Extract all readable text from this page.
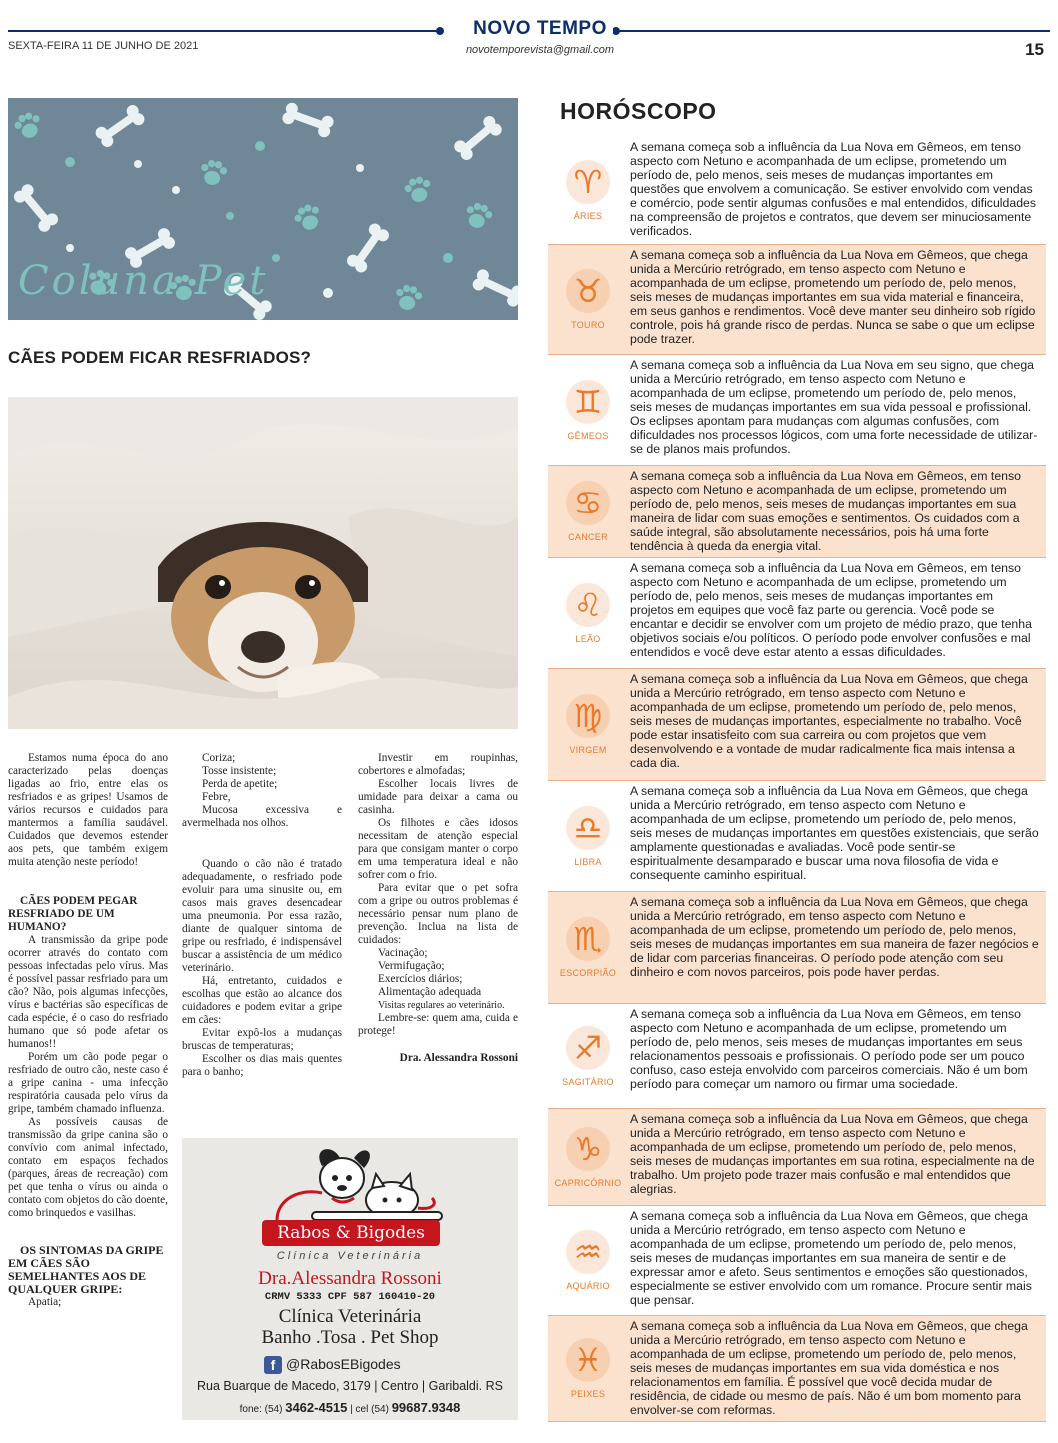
SEXTA-FEIRA 11 DE JUNHO DE 2021
NOVO TEMPO
novotemporevista@gmail.com	15
Coluna Pet
CÃES PODEM FICAR RESFRIADOS?

Estamos numa época do ano caracterizado pelas doenças ligadas ao frio, entre elas os resfriados e as gripes! Usamos de vários recursos e cuidados para mantermos a família saudável. Cuidados que devemos estender aos pets, que também exigem muita atenção neste período!

CÃES PODEM PEGAR RESFRIADO DE UM HUMANO?

A transmissão da gripe pode ocorrer através do contato com pessoas infectadas pelo vírus. Mas é possível passar resfriado para um cão? Não, pois algumas infecções, vírus e bactérias são específicas de cada espécie, é o caso do resfriado humano que só pode afetar os humanos!!

Porém um cão pode pegar o resfriado de outro cão, neste caso é a gripe canina - uma infecção respiratória causada pelo vírus da gripe, também chamado influenza.

As possíveis causas de transmissão da gripe canina são o convívio com animal infectado, contato em espaços fechados (parques, áreas de recreação) com pet que tenha o vírus ou ainda o contato com objetos do cão doente, como brinquedos e vasilhas.

OS SINTOMAS DA GRIPE EM CÃES SÃO SEMELHANTES AOS DE QUALQUER GRIPE:

Apatia;

Coriza;
Tosse insistente;
Perda de apetite;
Febre,
Mucosa excessiva e avermelhada nos olhos.

Quando o cão não é tratado adequadamente, o resfriado pode evoluir para uma sinusite ou, em casos mais graves desencadear uma pneumonia. Por essa razão, diante de qualquer sintoma de gripe ou resfriado, é indispensável buscar a assistência de um médico veterinário.

Há, entretanto, cuidados e escolhas que estão ao alcance dos cuidadores e podem evitar a gripe em cães:

Evitar expô-los a mudanças bruscas de temperaturas;

Escolher os dias mais quentes para o banho;

Investir em roupinhas, cobertores e almofadas;

Escolher locais livres de umidade para deixar a cama ou casinha.

Os filhotes e cães idosos necessitam de atenção especial para que consigam manter o corpo em uma temperatura ideal e não sofrer com o frio.

Para evitar que o pet sofra com a gripe ou outros problemas é necessário pensar num plano de prevenção. Inclua na lista de cuidados:

Vacinação;
Vermifugação;
Exercícios diários;
Alimentação adequada
Visitas regulares ao veterinário.

Lembre-se: quem ama, cuida e protege!

Dra. Alessandra Rossoni
Rabos & Bigodes
Clínica Veterinária
Dra.Alessandra Rossoni
CRMV 5333 CPF 587 160410-20
Clínica Veterinária
Banho .Tosa . Pet Shop
f @RabosEBigodes
Rua Buarque de Macedo, 3179 | Centro | Garibaldi. RS
fone: (54) 3462-4515 | cel (54) 99687.9348
HORÓSCOPO
♈
ÁRIES
A semana começa sob a influência da Lua Nova em Gêmeos, em tenso aspecto com Netuno e acompanhada de um eclipse, prometendo um período de, pelo menos, seis meses de mudanças importantes em questões que envolvem a comunicação. Se estiver envolvido com vendas e comércio, pode sentir algumas confusões e mal entendidos, dificuldades na compreensão de projetos e contratos, que devem ser minuciosamente verificados.
♉
TOURO
A semana começa sob a influência da Lua Nova em Gêmeos, que chega unida a Mercúrio retrógrado, em tenso aspecto com Netuno e acompanhada de um eclipse, prometendo um período de, pelo menos, seis meses de mudanças importantes em sua vida material e financeira, em seus ganhos e rendimentos. Você deve manter seu dinheiro sob rígido controle, pois há grande risco de perdas. Nunca se sabe o que um eclipse pode trazer.
♊
GÊMEOS
A semana começa sob a influência da Lua Nova em seu signo, que chega unida a Mercúrio retrógrado, em tenso aspecto com Netuno e acompanhada de um eclipse, prometendo um período de, pelo menos, seis meses de mudanças importantes em sua vida pessoal e profissional. Os eclipses apontam para mudanças com algumas confusões, com dificuldades nos processos lógicos, com uma forte necessidade de utilizar-se de planos mais profundos.
♋
CANCER
A semana começa sob a influência da Lua Nova em Gêmeos, em tenso aspecto com Netuno e acompanhada de um eclipse, prometendo um período de, pelo menos, seis meses de mudanças importantes em sua maneira de lidar com suas emoções e sentimentos. Os cuidados com a saúde integral, são absolutamente necessários, pois há uma forte tendência à queda da energia vital.
♌
LEÃO
A semana começa sob a influência da Lua Nova em Gêmeos, em tenso aspecto com Netuno e acompanhada de um eclipse, prometendo um período de, pelo menos, seis meses de mudanças importantes em projetos em equipes que você faz parte ou gerencia. Você pode se encantar e decidir se envolver com um projeto de médio prazo, que tenha objetivos sociais e/ou políticos. O período pode envolver confusões e mal entendidos e você deve estar atento a essas dificuldades.
♍
VIRGEM
A semana começa sob a influência da Lua Nova em Gêmeos, que chega unida a Mercúrio retrógrado, em tenso aspecto com Netuno e acompanhada de um eclipse, prometendo um período de, pelo menos, seis meses de mudanças importantes, especialmente no trabalho. Você pode estar insatisfeito com sua carreira ou com projetos que vem desenvolvendo e a vontade de mudar radicalmente fica mais intensa a cada dia.
♎
LIBRA
A semana começa sob a influência da Lua Nova em Gêmeos, que chega unida a Mercúrio retrógrado, em tenso aspecto com Netuno e acompanhada de um eclipse, prometendo um período de, pelo menos, seis meses de mudanças importantes em questões existenciais, que serão amplamente questionadas e avaliadas. Você pode sentir-se espiritualmente desamparado e buscar uma nova filosofia de vida e consequente caminho espiritual.
♏
ESCORPIÃO
A semana começa sob a influência da Lua Nova em Gêmeos, que chega unida a Mercúrio retrógrado, em tenso aspecto com Netuno e acompanhada de um eclipse, prometendo um período de, pelo menos, seis meses de mudanças importantes em sua maneira de fazer negócios e de lidar com parcerias financeiras. O período pode atenção com seu dinheiro e com novos parceiros, pois pode haver perdas.
♐
SAGITÁRIO
A semana começa sob a influência da Lua Nova em Gêmeos, em tenso aspecto com Netuno e acompanhada de um eclipse, prometendo um período de, pelo menos, seis meses de mudanças importantes em seus relacionamentos pessoais e profissionais. O período pode ser um pouco confuso, caso esteja envolvido com parceiros comerciais. Não é um bom período para começar um namoro ou firmar uma sociedade.
♑
CAPRICÓRNIO
A semana começa sob a influência da Lua Nova em Gêmeos, que chega unida a Mercúrio retrógrado, em tenso aspecto com Netuno e acompanhada de um eclipse, prometendo um período de, pelo menos, seis meses de mudanças importantes em sua rotina, especialmente na de trabalho. Um projeto pode trazer mais confusão e mal entendidos que alegrias.
♒
AQUÁRIO
A semana começa sob a influência da Lua Nova em Gêmeos, que chega unida a Mercúrio retrógrado, em tenso aspecto com Netuno e acompanhada de um eclipse, prometendo um período de, pelo menos, seis meses de mudanças importantes em sua maneira de sentir e de expressar amor e afeto. Seus sentimentos e emoções são questionados, especialmente se estiver envolvido com um romance. Procure sentir mais que pensar.
♓
PEIXES
A semana começa sob a influência da Lua Nova em Gêmeos, que chega unida a Mercúrio retrógrado, em tenso aspecto com Netuno e acompanhada de um eclipse, prometendo um período de, pelo menos, seis meses de mudanças importantes em sua vida doméstica e nos relacionamentos em família. É possível que você decida mudar de residência, de cidade ou mesmo de país. Não é um bom momento para envolver-se com reformas.
